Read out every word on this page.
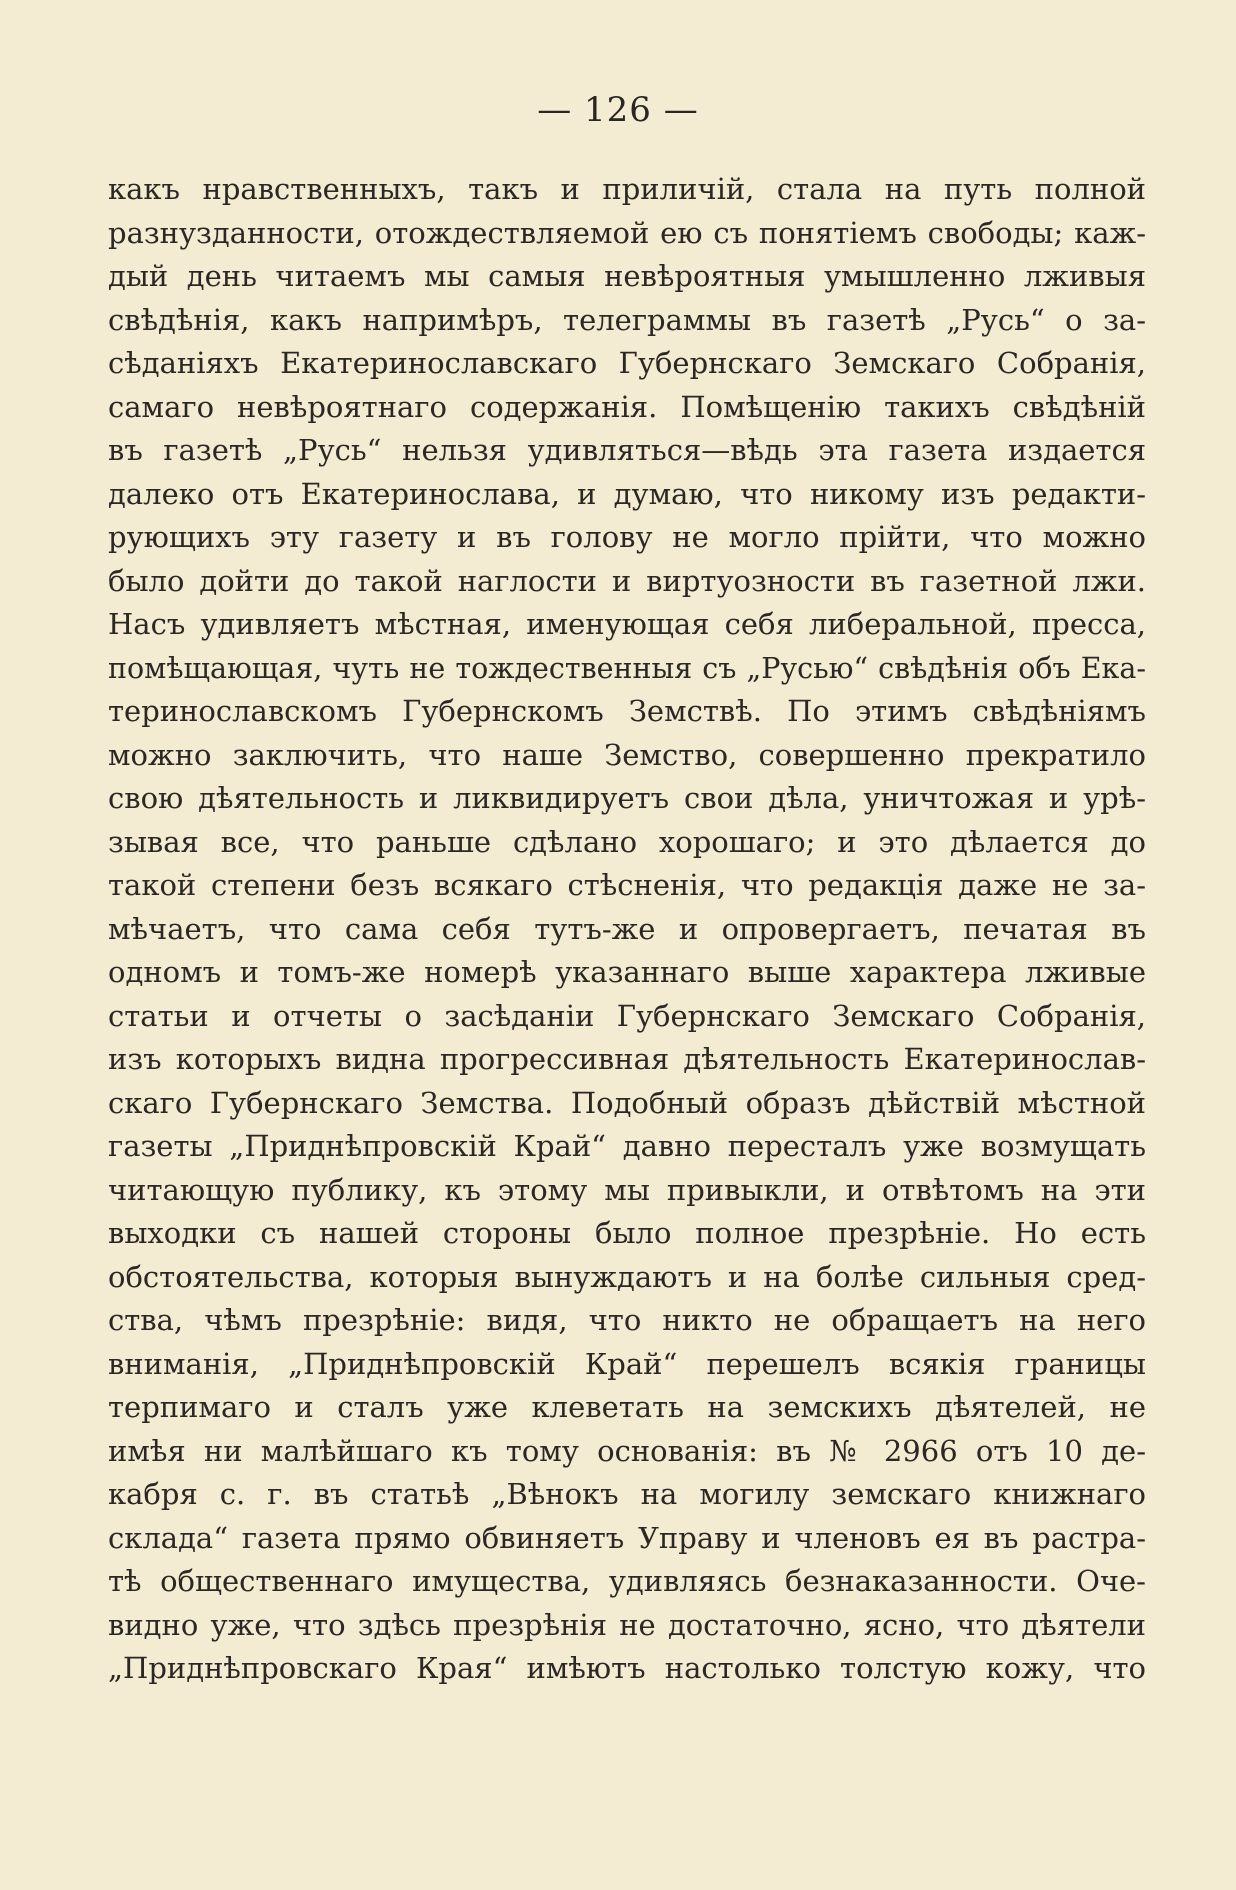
— 126 —
какъ нравственныхъ, такъ и приличій, стала на путь полной
разнузданности, отождествляемой ею съ понятіемъ свободы; каж-
дый день читаемъ мы самыя невѣроятныя умышленно лживыя
свѣдѣнія, какъ напримѣръ, телеграммы въ газетѣ „Русь“ о за-
сѣданіяхъ Екатеринославскаго Губернскаго Земскаго Собранія,
самаго невѣроятнаго содержанія. Помѣщенію такихъ свѣдѣній
въ газетѣ „Русь“ нельзя удивляться—вѣдь эта газета издается
далеко отъ Екатеринослава, и думаю, что никому изъ редакти-
рующихъ эту газету и въ голову не могло прійти, что можно
было дойти до такой наглости и виртуозности въ газетной лжи.
Насъ удивляетъ мѣстная, именующая себя либеральной, пресса,
помѣщающая, чуть не тождественныя съ „Русью“ свѣдѣнія объ Ека-
теринославскомъ Губернскомъ Земствѣ. По этимъ свѣдѣніямъ
можно заключить, что наше Земство, совершенно прекратило
свою дѣятельность и ликвидируетъ свои дѣла, уничтожая и урѣ-
зывая все, что раньше сдѣлано хорошаго; и это дѣлается до
такой степени безъ всякаго стѣсненія, что редакція даже не за-
мѣчаетъ, что сама себя тутъ-же и опровергаетъ, печатая въ
одномъ и томъ-же номерѣ указаннаго выше характера лживые
статьи и отчеты о засѣданіи Губернскаго Земскаго Собранія,
изъ которыхъ видна прогрессивная дѣятельность Екатеринослав-
скаго Губернскаго Земства. Подобный образъ дѣйствій мѣстной
газеты „Приднѣпровскій Край“ давно пересталъ уже возмущать
читающую публику, къ этому мы привыкли, и отвѣтомъ на эти
выходки съ нашей стороны было полное презрѣніе. Но есть
обстоятельства, которыя вынуждаютъ и на болѣе сильныя сред-
ства, чѣмъ презрѣніе: видя, что никто не обращаетъ на него
вниманія, „Приднѣпровскій Край“ перешелъ всякія границы
терпимаго и сталъ уже клеветать на земскихъ дѣятелей, не
имѣя ни малѣйшаго къ тому основанія: въ № 2966 отъ 10 де-
кабря с. г. въ статьѣ „Вѣнокъ на могилу земскаго книжнаго
склада“ газета прямо обвиняетъ Управу и членовъ ея въ растра-
тѣ общественнаго имущества, удивляясь безнаказанности. Оче-
видно уже, что здѣсь презрѣнія не достаточно, ясно, что дѣятели
„Приднѣпровскаго Края“ имѣютъ настолько толстую кожу, что
